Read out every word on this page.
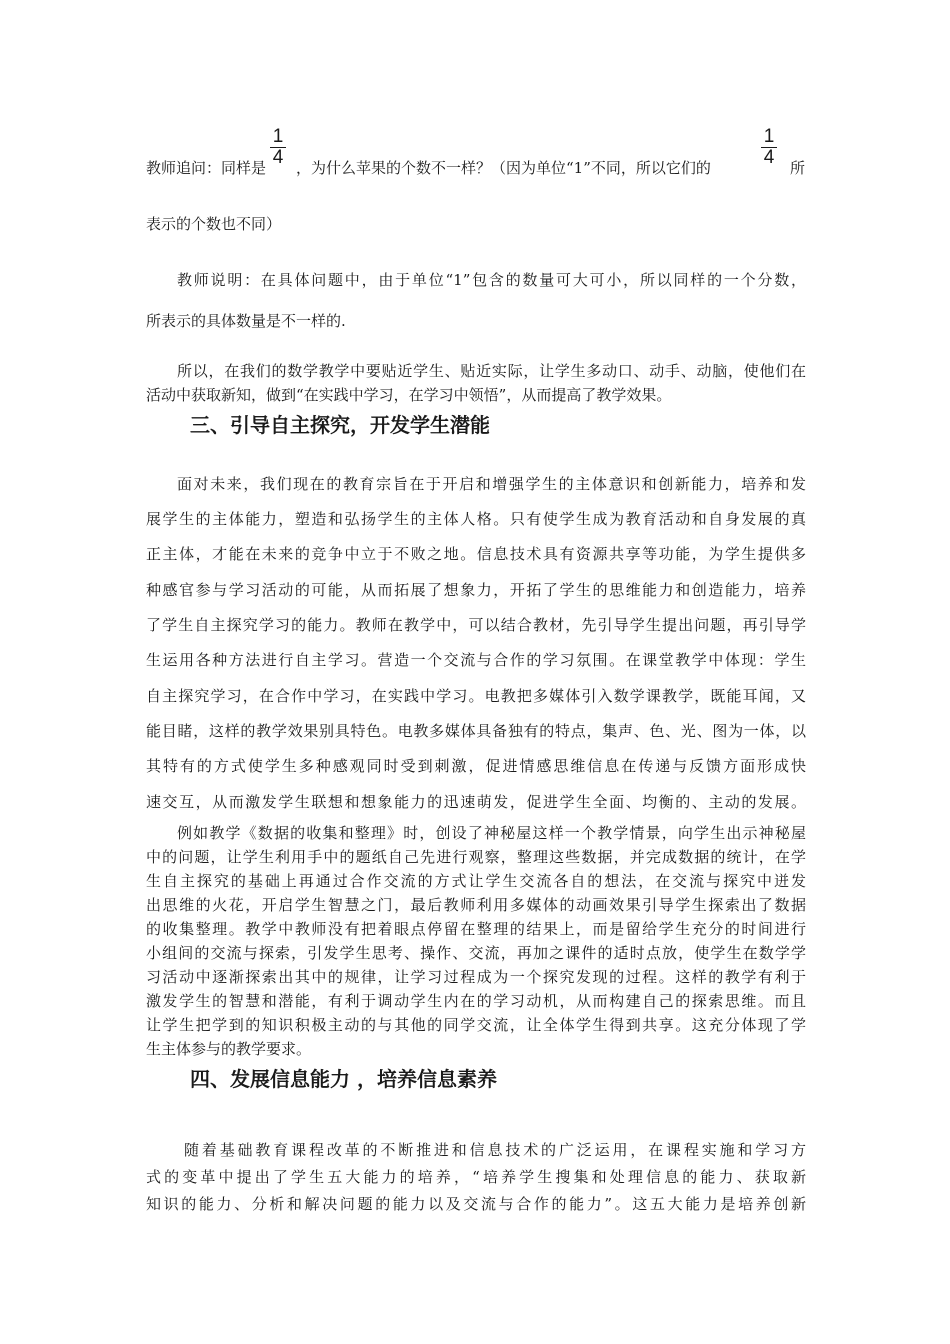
1
4
1
4
教师追问：同样是 ，为什么苹果的个数不一样？（因为单位“1”不同，所以它们的	所
表示的个数也不同）
教师说明：在具体问题中，由于单位“1”包含的数量可大可小，所以同样的一个分数，
所表示的具体数量是不一样的.
所以，在我们的数学教学中要贴近学生、贴近实际，让学生多动口、动手、动脑，使他们在
活动中获取新知，做到“在实践中学习，在学习中领悟”，从而提高了教学效果。
三、引导自主探究，开发学生潜能
面对未来，我们现在的教育宗旨在于开启和增强学生的主体意识和创新能力，培养和发
展学生的主体能力，塑造和弘扬学生的主体人格。只有使学生成为教育活动和自身发展的真
正主体，才能在未来的竞争中立于不败之地。信息技术具有资源共享等功能，为学生提供多
种感官参与学习活动的可能，从而拓展了想象力，开拓了学生的思维能力和创造能力，培养
了学生自主探究学习的能力。教师在教学中，可以结合教材，先引导学生提出问题，再引导学
生运用各种方法进行自主学习。营造一个交流与合作的学习氛围。在课堂教学中体现：学生
自主探究学习，在合作中学习，在实践中学习。电教把多媒体引入数学课教学，既能耳闻，又
能目睹，这样的教学效果别具特色。电教多媒体具备独有的特点，集声、色、光、图为一体，以
其特有的方式使学生多种感观同时受到刺激，促进情感思维信息在传递与反馈方面形成快
速交互，从而激发学生联想和想象能力的迅速萌发，促进学生全面、均衡的、主动的发展。
例如教学《数据的收集和整理》时，创设了神秘屋这样一个教学情景，向学生出示神秘屋
中的问题，让学生利用手中的题纸自己先进行观察，整理这些数据，并完成数据的统计，在学
生自主探究的基础上再通过合作交流的方式让学生交流各自的想法，在交流与探究中迸发
出思维的火花，开启学生智慧之门，最后教师利用多媒体的动画效果引导学生探索出了数据
的收集整理。教学中教师没有把着眼点停留在整理的结果上，而是留给学生充分的时间进行
小组间的交流与探索，引发学生思考、操作、交流，再加之课件的适时点放，使学生在数学学
习活动中逐渐探索出其中的规律，让学习过程成为一个探究发现的过程。这样的教学有利于
激发学生的智慧和潜能，有利于调动学生内在的学习动机，从而构建自己的探索思维。而且
让学生把学到的知识积极主动的与其他的同学交流，让全体学生得到共享。这充分体现了学
生主体参与的教学要求。
四、发展信息能力 ，培养信息素养
随着基础教育课程改革的不断推进和信息技术的广泛运用，在课程实施和学习方
式的变革中提出了学生五大能力的培养，“培养学生搜集和处理信息的能力、获取新
知识的能力、分析和解决问题的能力以及交流与合作的能力”。这五大能力是培养创新
